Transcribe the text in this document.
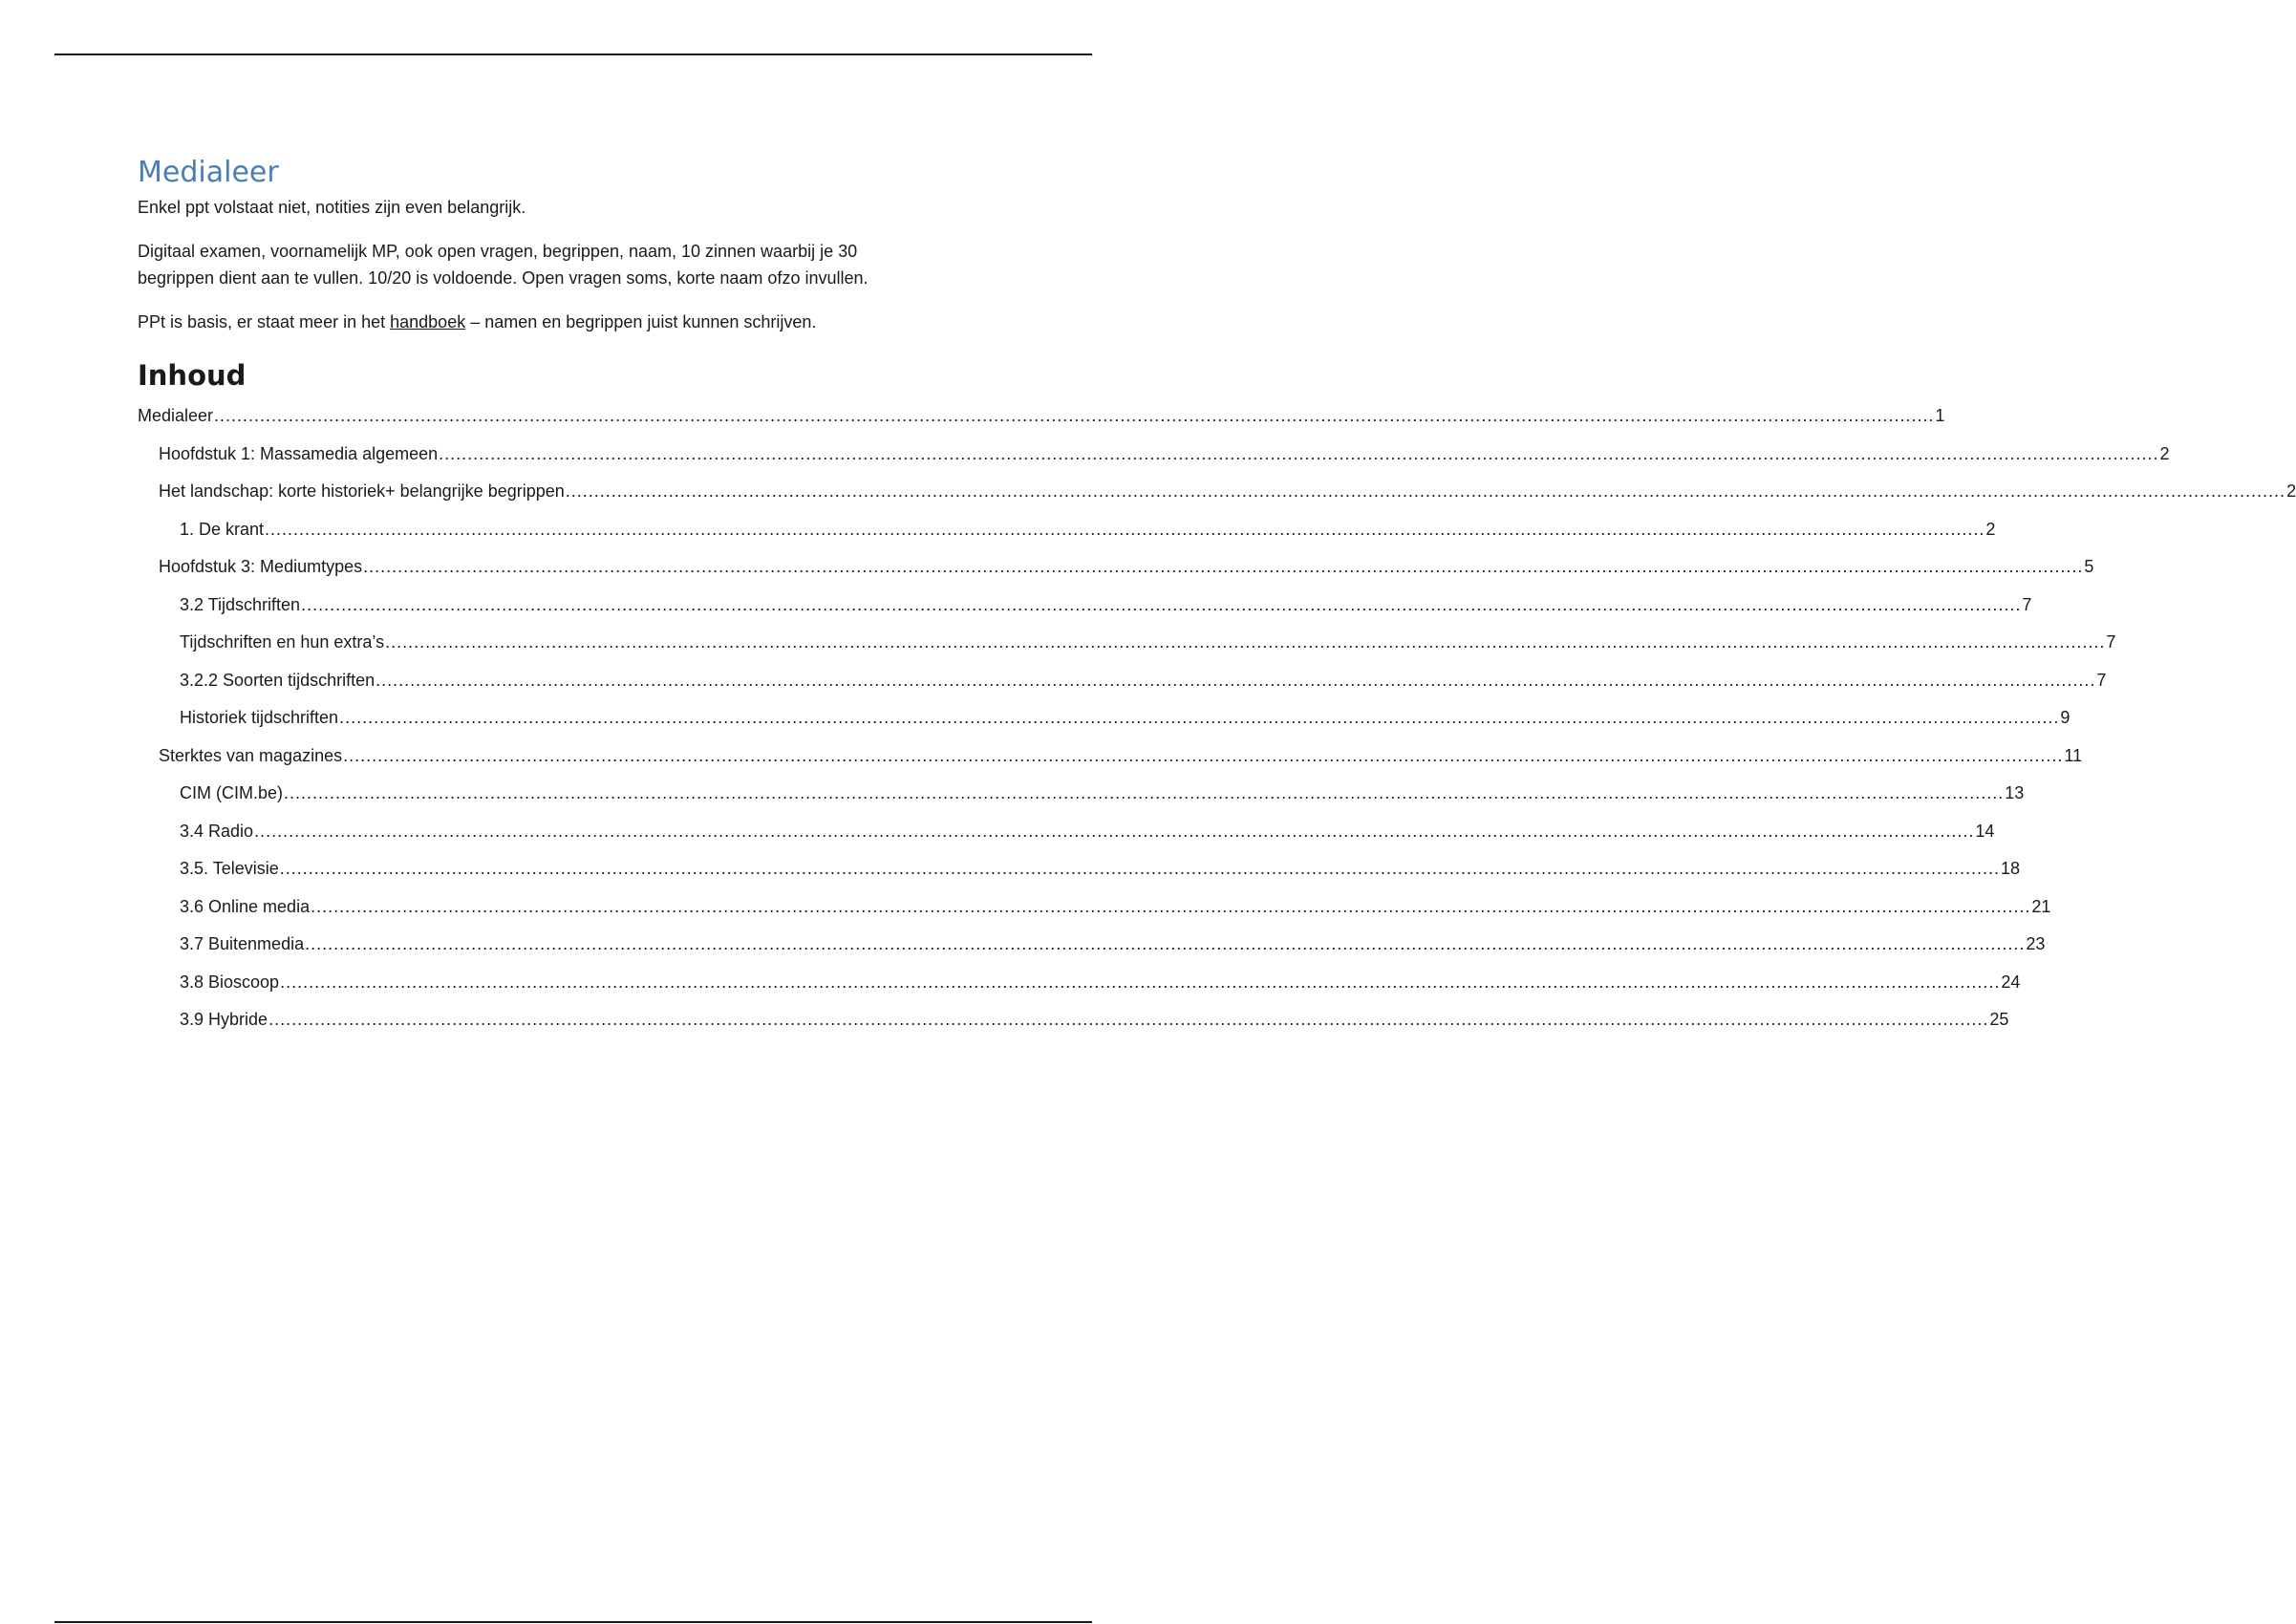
Medialeer

Enkel ppt volstaat niet, notities zijn even belangrijk.

Digitaal examen, voornamelijk MP, ook open vragen, begrippen, naam, 10 zinnen waarbij je 30
begrippen dient aan te vullen. 10/20 is voldoende. Open vragen soms, korte naam ofzo invullen.

PPt is basis, er staat meer in het handboek – namen en begrippen juist kunnen schrijven.

Inhoud
Medialeer ............................................................................................................................................................................................................................................................................................................ 1
Hoofdstuk 1: Massamedia algemeen ............................................................................................................................................................................................................................................................................................................ 2
Het landschap: korte historiek+ belangrijke begrippen ............................................................................................................................................................................................................................................................................................................ 2
1. De krant ............................................................................................................................................................................................................................................................................................................ 2
Hoofdstuk 3: Mediumtypes ............................................................................................................................................................................................................................................................................................................ 5
3.2 Tijdschriften ............................................................................................................................................................................................................................................................................................................ 7
Tijdschriften en hun extra’s ............................................................................................................................................................................................................................................................................................................ 7
3.2.2 Soorten tijdschriften ............................................................................................................................................................................................................................................................................................................ 7
Historiek tijdschriften ............................................................................................................................................................................................................................................................................................................ 9
Sterktes van magazines ............................................................................................................................................................................................................................................................................................................ 11
CIM (CIM.be) ............................................................................................................................................................................................................................................................................................................ 13
3.4 Radio ............................................................................................................................................................................................................................................................................................................ 14
3.5. Televisie ............................................................................................................................................................................................................................................................................................................ 18
3.6 Online media ............................................................................................................................................................................................................................................................................................................ 21
3.7 Buitenmedia ............................................................................................................................................................................................................................................................................................................ 23
3.8 Bioscoop ............................................................................................................................................................................................................................................................................................................ 24
3.9 Hybride ............................................................................................................................................................................................................................................................................................................ 25
